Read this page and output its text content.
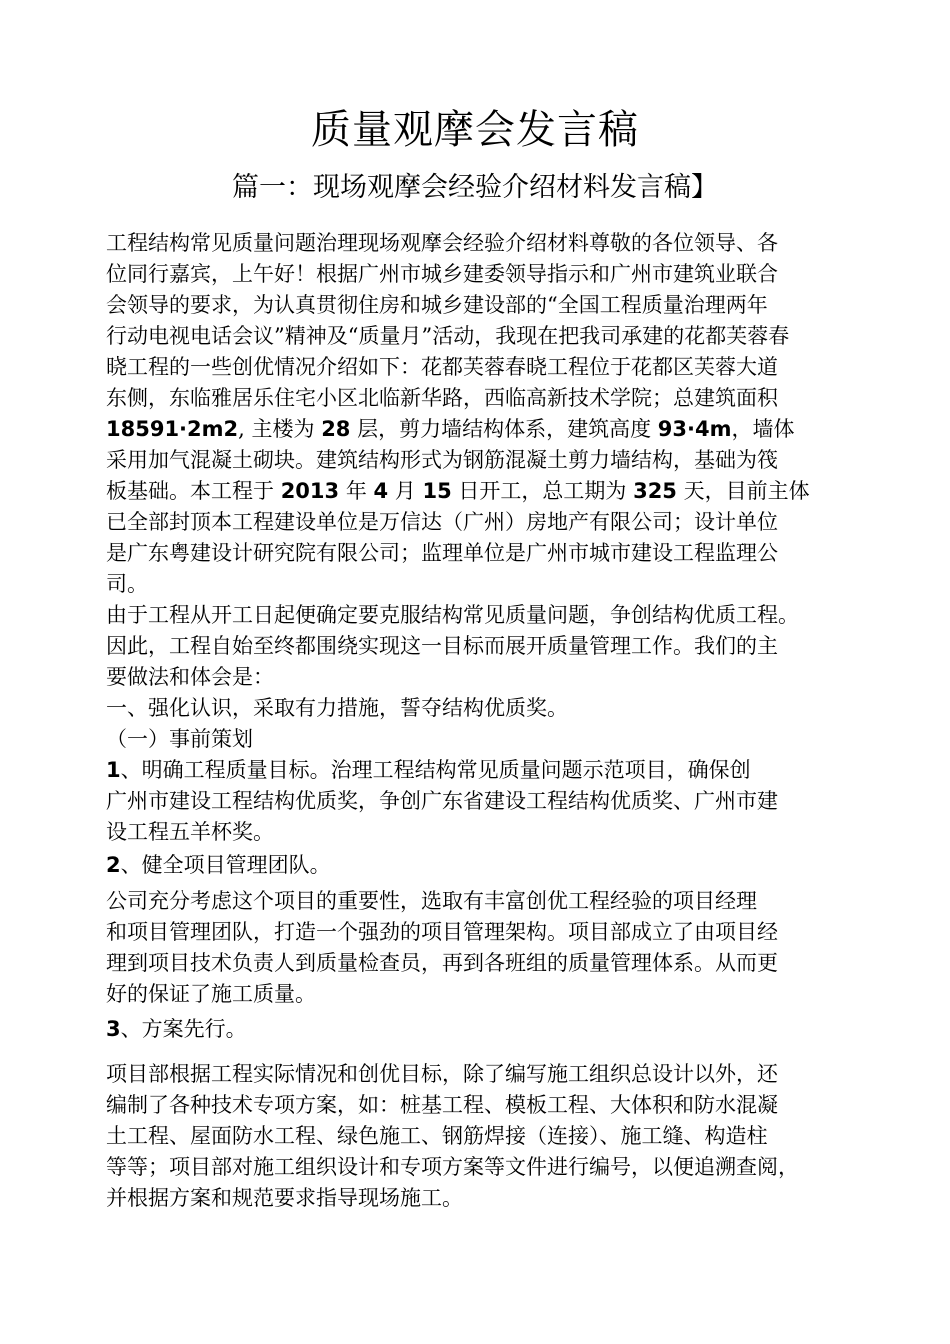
质量观摩会发言稿
篇一：现场观摩会经验介绍材料发言稿】
工程结构常见质量问题治理现场观摩会经验介绍材料尊敬的各位领导、各
位同行嘉宾，上午好！根据广州市城乡建委领导指示和广州市建筑业联合
会领导的要求，为认真贯彻住房和城乡建设部的“全国工程质量治理两年
行动电视电话会议”精神及“质量月”活动，我现在把我司承建的花都芙蓉春
晓工程的一些创优情况介绍如下：花都芙蓉春晓工程位于花都区芙蓉大道
东侧，东临雅居乐住宅小区北临新华路，西临高新技术学院；总建筑面积
18591·2m2, 主楼为 28 层，剪力墙结构体系，建筑高度 93·4m，墙体
采用加气混凝土砌块。建筑结构形式为钢筋混凝土剪力墙结构，基础为筏
板基础。本工程于 2013 年 4 月 15 日开工，总工期为 325 天，目前主体
已全部封顶本工程建设单位是万信达（广州）房地产有限公司；设计单位
是广东粤建设计研究院有限公司；监理单位是广州市城市建设工程监理公
司。
由于工程从开工日起便确定要克服结构常见质量问题，争创结构优质工程。
因此，工程自始至终都围绕实现这一目标而展开质量管理工作。我们的主
要做法和体会是：
一、强化认识，采取有力措施，誓夺结构优质奖。
（一）事前策划
1、明确工程质量目标。治理工程结构常见质量问题示范项目，确保创
广州市建设工程结构优质奖，争创广东省建设工程结构优质奖、广州市建
设工程五羊杯奖。
2、健全项目管理团队。
公司充分考虑这个项目的重要性，选取有丰富创优工程经验的项目经理
和项目管理团队，打造一个强劲的项目管理架构。项目部成立了由项目经
理到项目技术负责人到质量检查员，再到各班组的质量管理体系。从而更
好的保证了施工质量。
3、方案先行。
项目部根据工程实际情况和创优目标，除了编写施工组织总设计以外，还
编制了各种技术专项方案，如：桩基工程、模板工程、大体积和防水混凝
土工程、屋面防水工程、绿色施工、钢筋焊接（连接）、施工缝、构造柱
等等；项目部对施工组织设计和专项方案等文件进行编号，以便追溯查阅，
并根据方案和规范要求指导现场施工。
